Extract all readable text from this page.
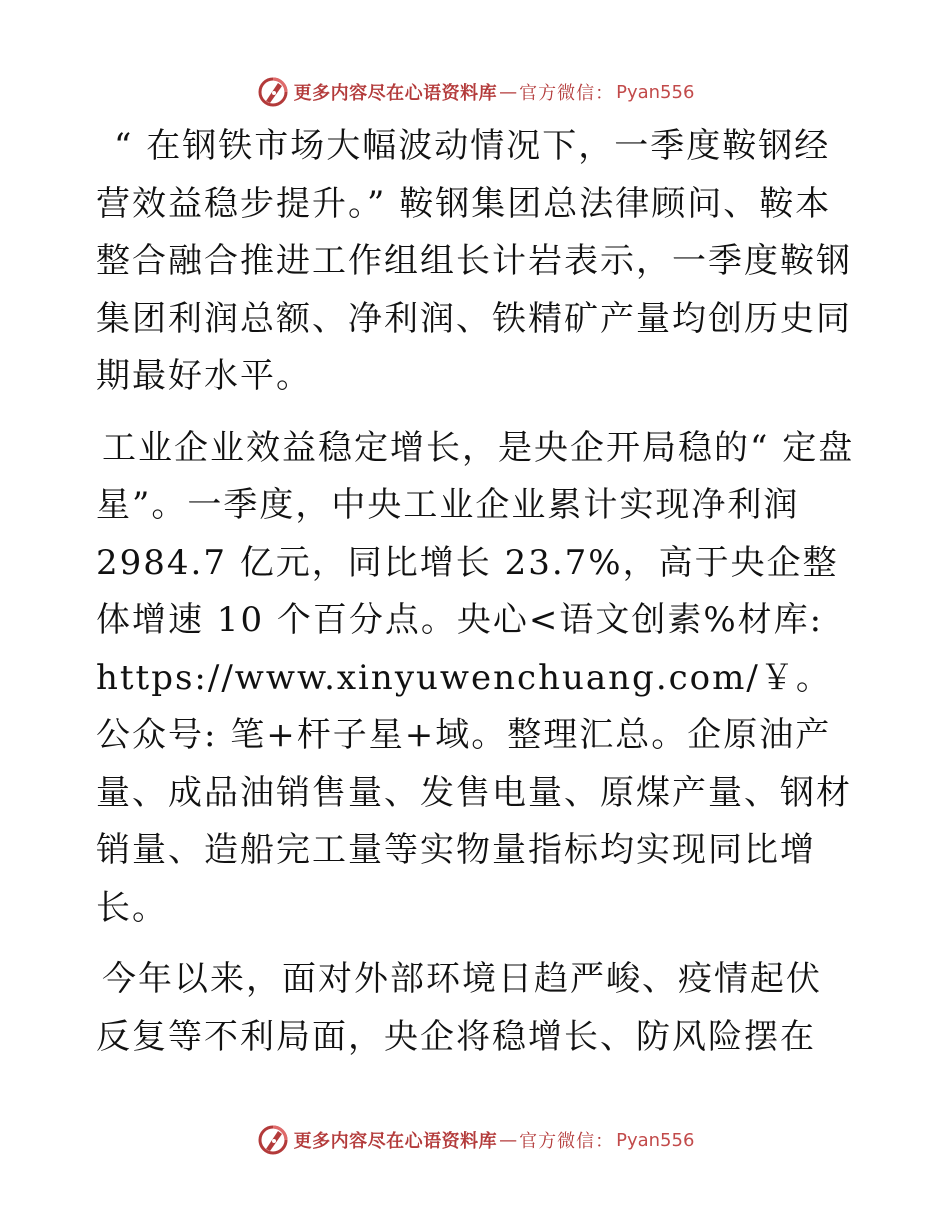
更多内容尽在心语资料库 — 官方微信： Pyan556

“ 在钢铁市场大幅波动情况下，一季度鞍钢经营效益稳步提升。” 鞍钢集团总法律顾问、鞍本整合融合推进工作组组长计岩表示，一季度鞍钢集团利润总额、净利润、铁精矿产量均创历史同期最好水平。

工业企业效益稳定增长，是央企开局稳的“ 定盘星”。一季度，中央工业企业累计实现净利润 2984.7 亿元，同比增长 23.7%，高于央企整体增速 10 个百分点。央心<语文创素%材库: https://www.xinyuwenchuang.com/￥。公众号: 笔+杆子星+域。整理汇总。企原油产量、成品油销售量、发售电量、原煤产量、钢材销量、造船完工量等实物量指标均实现同比增长。

今年以来，面对外部环境日趋严峻、疫情起伏反复等不利局面，央企将稳增长、防风险摆在

更多内容尽在心语资料库 — 官方微信： Pyan556
